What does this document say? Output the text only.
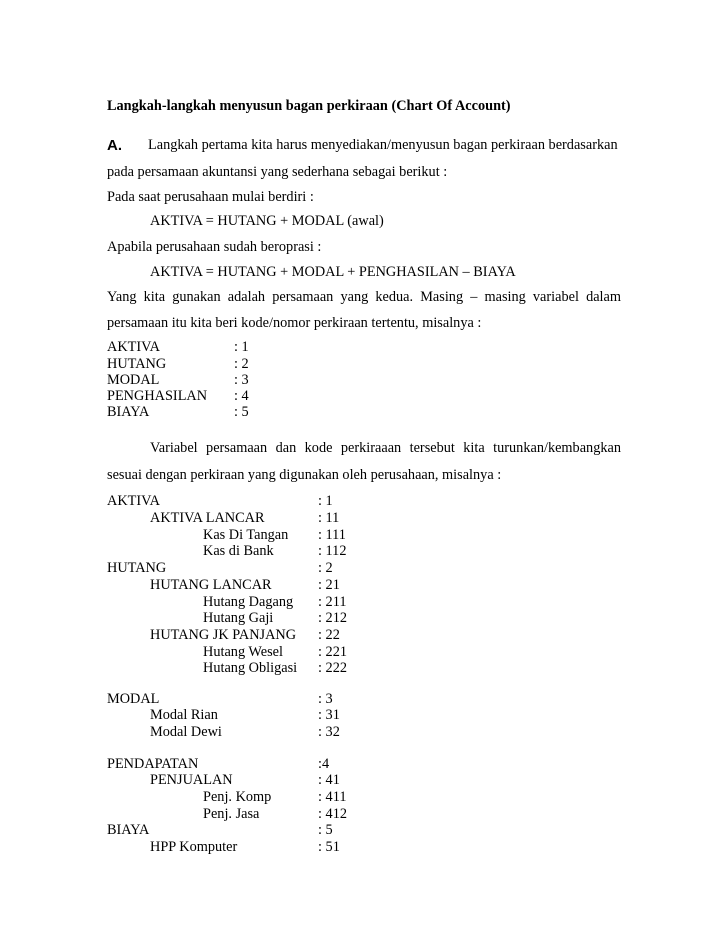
Langkah-langkah menyusun bagan perkiraan (Chart Of Account)
A. Langkah pertama kita harus menyediakan/menyusun bagan perkiraan berdasarkan
pada persamaan akuntansi yang sederhana sebagai berikut :
Pada saat perusahaan mulai berdiri :
AKTIVA = HUTANG + MODAL (awal)
Apabila perusahaan sudah beroprasi :
AKTIVA = HUTANG + MODAL + PENGHASILAN – BIAYA
Yang kita gunakan adalah persamaan yang kedua. Masing – masing variabel dalam
persamaan itu kita beri kode/nomor perkiraan tertentu, misalnya :
AKTIVA	: 1
HUTANG	: 2
MODAL	: 3
PENGHASILAN : 4
BIAYA	: 5
Variabel persamaan dan kode perkiraaan tersebut kita turunkan/kembangkan
sesuai dengan perkiraan yang digunakan oleh perusahaan, misalnya :
AKTIVA	: 1
AKTIVA LANCAR	: 11
Kas Di Tangan : 111
Kas di Bank	: 112
HUTANG	: 2
HUTANG LANCAR	: 21
Hutang Dagang : 211
Hutang Gaji	: 212
HUTANG JK PANJANG : 22
Hutang Wesel : 221
Hutang Obligasi : 222
MODAL	: 3
Modal Rian	: 31
Modal Dewi	: 32
PENDAPATAN	:4
PENJUALAN	: 41
Penj. Komp	: 411
Penj. Jasa	: 412
BIAYA	: 5
HPP Komputer	: 51
